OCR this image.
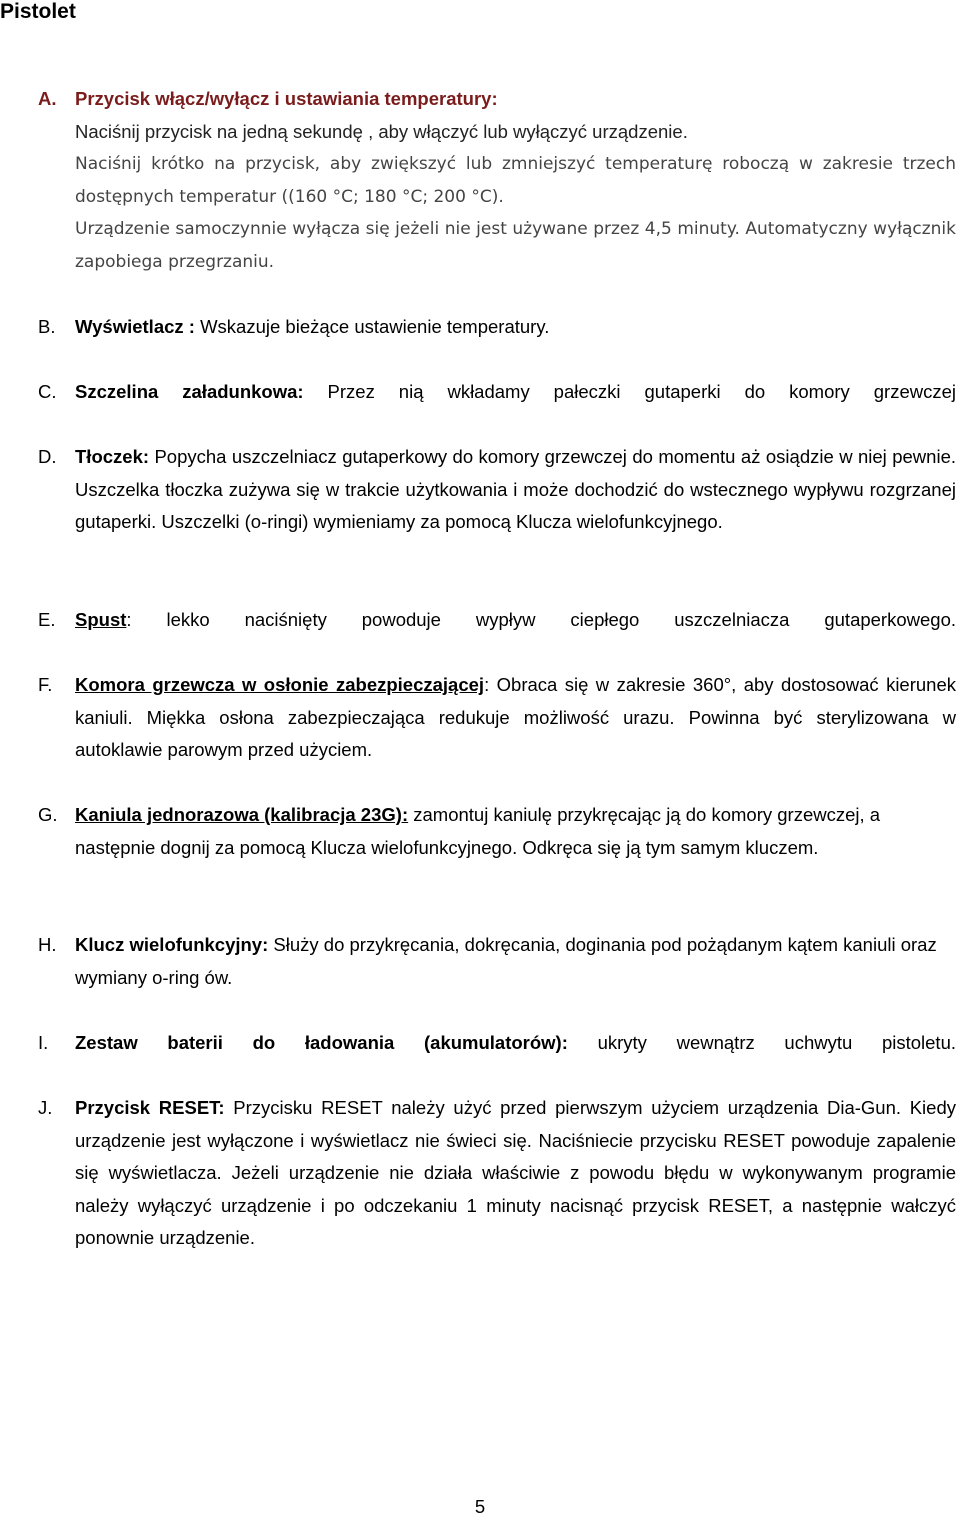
Pistolet
A.	Przycisk włącz/wyłącz i ustawiania temperatury:

Naciśnij przycisk na jedną sekundę , aby włączyć lub wyłączyć urządzenie.

Naciśnij krótko na przycisk, aby zwiększyć lub zmniejszyć temperaturę roboczą w zakresie trzech dostępnych temperatur ((160 °C; 180 °C; 200 °C).

Urządzenie samoczynnie wyłącza się jeżeli nie jest używane przez 4,5 minuty. Automatyczny wyłącznik zapobiega przegrzaniu.

B.	Wyświetlacz : Wskazuje bieżące ustawienie temperatury.

C.	Szczelina załadunkowa: Przez nią wkładamy pałeczki gutaperki do komory grzewczej

D.	Tłoczek: Popycha uszczelniacz gutaperkowy do komory grzewczej do momentu aż osiądzie w niej pewnie. Uszczelka tłoczka zużywa się w trakcie użytkowania i może dochodzić do wstecznego wypływu rozgrzanej gutaperki. Uszczelki (o-ringi) wymieniamy za pomocą Klucza wielofunkcyjnego.

E.	Spust: lekko naciśnięty powoduje wypływ ciepłego uszczelniacza gutaperkowego.

F.	Komora grzewcza w osłonie zabezpieczającej: Obraca się w zakresie 360°, aby dostosować kierunek kaniuli. Miękka osłona zabezpieczająca redukuje możliwość urazu. Powinna być sterylizowana w autoklawie parowym przed użyciem.

G. Kaniula jednorazowa (kalibracja 23G): zamontuj kaniulę przykręcając ją do komory grzewczej, a następnie dognij za pomocą Klucza wielofunkcyjnego. Odkręca się ją tym samym kluczem.

H.	Klucz wielofunkcyjny: Służy do przykręcania, dokręcania, doginania pod pożądanym kątem kaniuli oraz wymiany o-ring ów.

I.	Zestaw baterii do ładowania (akumulatorów): ukryty wewnątrz uchwytu pistoletu.

J.	Przycisk RESET: Przycisku RESET należy użyć przed pierwszym użyciem urządzenia Dia-Gun. Kiedy urządzenie jest wyłączone i wyświetlacz nie świeci się. Naciśniecie przycisku RESET powoduje zapalenie się wyświetlacza. Jeżeli urządzenie nie działa właściwie z powodu błędu w wykonywanym programie należy wyłączyć urządzenie i po odczekaniu 1 minuty nacisnąć przycisk RESET, a następnie wałczyć ponownie urządzenie.

5
